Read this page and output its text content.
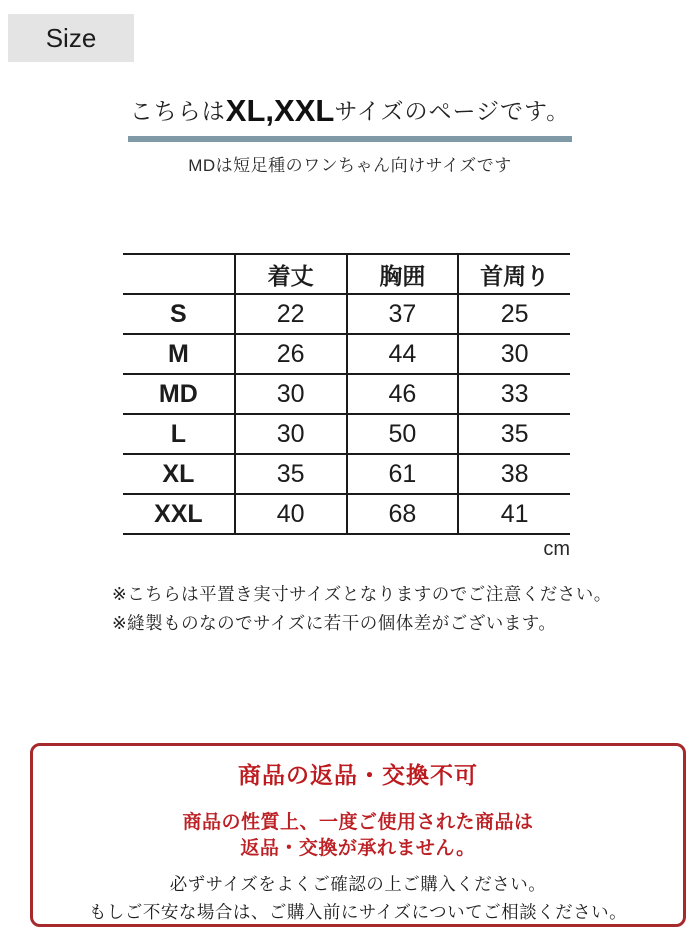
Size
こちらはXL,XXLサイズのページです。
MDは短足種のワンちゃん向けサイズです
	着丈	胸囲	首周り
S	22	37	25
M	26	44	30
MD	30	46	33
L	30	50	35
XL	35	61	38
XXL	40	68	41
cm
※こちらは平置き実寸サイズとなりますのでご注意ください。
※縫製ものなのでサイズに若干の個体差がございます。
商品の返品・交換不可
商品の性質上、一度ご使用された商品は
返品・交換が承れません。
必ずサイズをよくご確認の上ご購入ください。
もしご不安な場合は、ご購入前にサイズについてご相談ください。
